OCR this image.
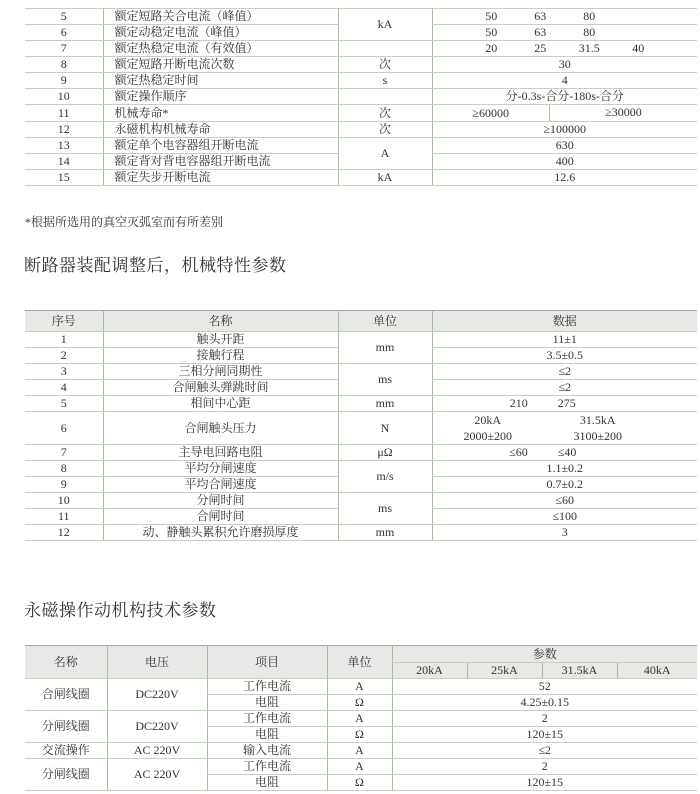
5	额定短路关合电流（峰值）	kA	50 63 80

6	额定动稳定电流（峰值）		50 63 80

7	额定热稳定电流（有效值）		20 25 31.5 40

8	额定短路开断电流次数	次	30
9	额定热稳定时间	s	4
10	额定操作顺序		分-0.3s-合分-180s-合分
11	机械寿命*	次	≥60000 ≥30000

12	永磁机构机械寿命	次	≥100000
13	额定单个电容器组开断电流	A	630
14	额定背对背电容器组开断电流		400
15	额定失步开断电流	kA	12.6
*根据所选用的真空灭弧室而有所差别
断路器装配调整后，机械特性参数
序号	名称	单位	数据
1	触头开距	mm	11±1
2	接触行程		3.5±0.5
3	三相分闸同期性	ms	≤2
4	合闸触头弹跳时间		≤2
5	相间中心距	mm	210 275

6	合闸触头压力	N	20kA 31.5kA
2000±200 3100±200

7	主导电回路电阻	μΩ	≤60 ≤40

8	平均分闸速度	m/s	1.1±0.2
9	平均合闸速度		0.7±0.2
10	分闸时间	ms	≤60
11	合闸时间		≤100
12	动、静触头累积允许磨损厚度	mm	3
永磁操作动机构技术参数
名称	电压	项目	单位	参数			
				20kA	25kA	31.5kA	40kA
合闸线圈	DC220V	工作电流	A	52			
		电阻	Ω	4.25±0.15			
分闸线圈	DC220V	工作电流	A	2			
		电阻	Ω	120±15			
交流操作	AC 220V	输入电流	A	≤2			
分闸线圈	AC 220V	工作电流	A	2			
		电阻	Ω	120±15			
